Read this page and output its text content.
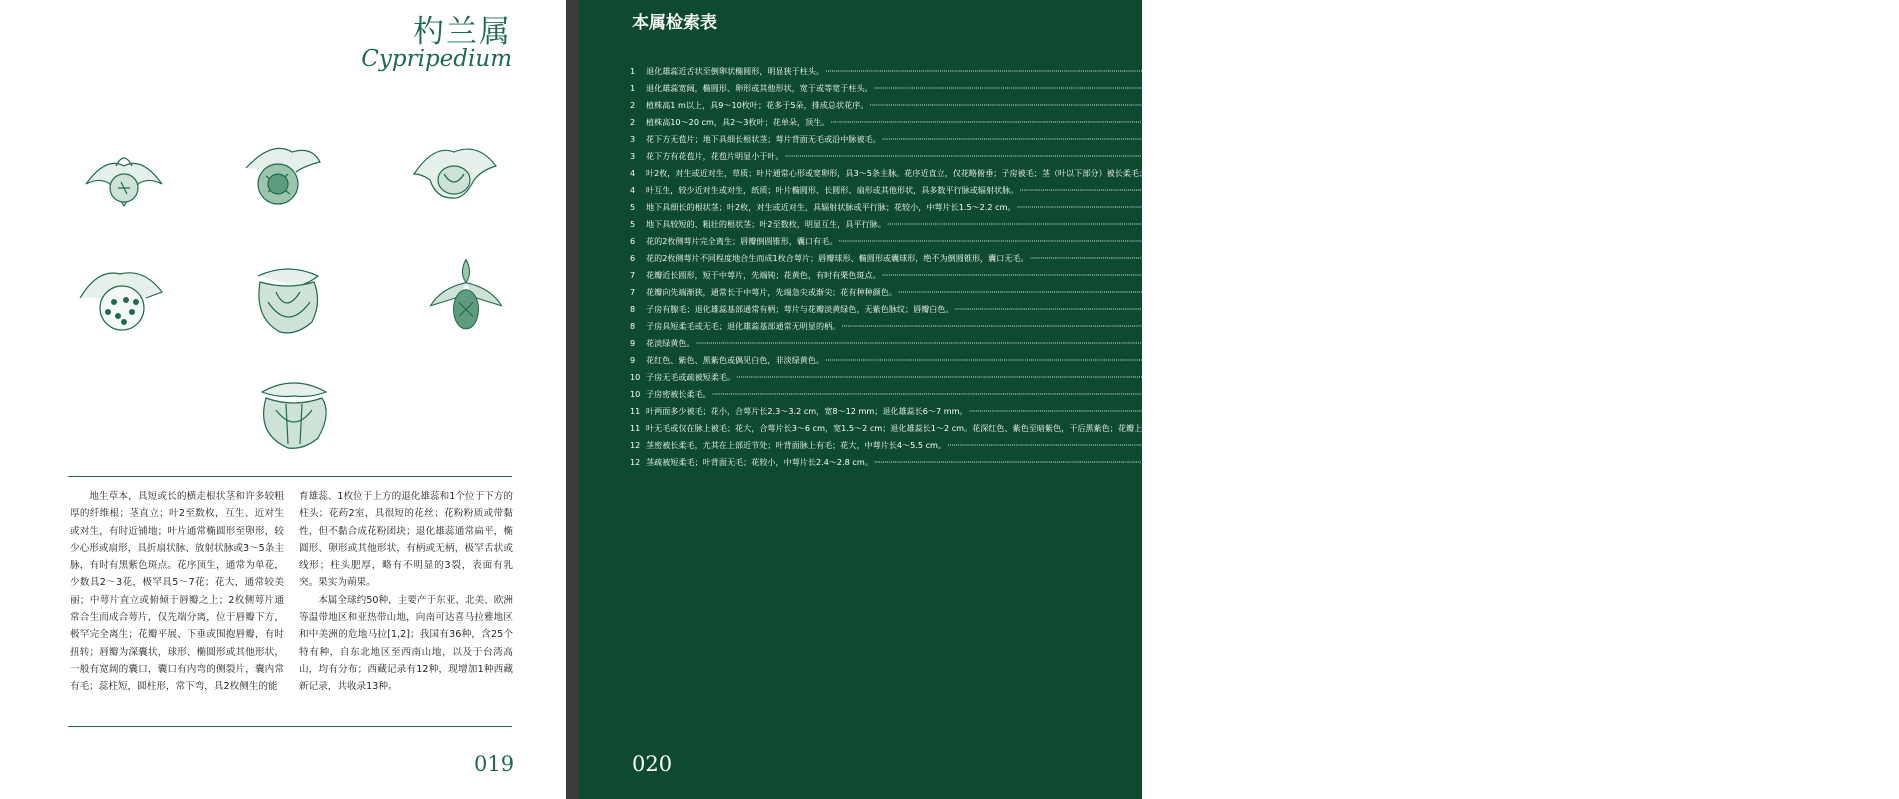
杓兰属
Cypripedium

地生草本，具短或长的横走根状茎和许多较粗厚的纤维根；茎直立；叶2至数枚，互生、近对生或对生，有时近铺地；叶片通常椭圆形至卵形，较少心形或扇形，具折扇状脉、放射状脉或3～5条主脉，有时有黑紫色斑点。花序顶生，通常为单花，少数具2～3花，极罕具5～7花；花大，通常较美丽；中萼片直立或俯倾于唇瓣之上；2枚侧萼片通常合生而成合萼片，仅先端分离，位于唇瓣下方，极罕完全离生；花瓣平展、下垂或围抱唇瓣，有时扭转；唇瓣为深囊状，球形、椭圆形或其他形状，一般有宽阔的囊口，囊口有内弯的侧裂片，囊内常有毛；蕊柱短，圆柱形，常下弯，具2枚侧生的能

育雄蕊、1枚位于上方的退化雄蕊和1个位于下方的柱头；花药2室，具很短的花丝；花粉粉质或带黏性，但不黏合成花粉团块；退化雄蕊通常扁平，椭圆形、卵形或其他形状，有柄或无柄，极罕舌状或线形；柱头肥厚，略有不明显的3裂，表面有乳突。果实为蒴果。

本属全球约50种，主要产于东亚、北美、欧洲等温带地区和亚热带山地，向南可达喜马拉雅地区和中美洲的危地马拉[1,2]；我国有36种，含25个特有种，自东北地区至西南山地，以及于台湾高山，均有分布；西藏记录有12种，现增加1种西藏新记录，共收录13种。

019
本属检索表
1	退化雄蕊近舌状至倒卵状椭圆形，明显狭于柱头。 ·····	(2)
1	退化雄蕊宽阔，椭圆形、卵形或其他形状，宽于或等宽于柱头。 ·····	(3)
2	植株高1 m以上，具9～10枚叶；花多于5朵，排成总状花序。 ·····	暖地杓兰 C. subtropicum
2	植株高10～20 cm，具2～3枚叶；花单朵，顶生。 ·····	宽口杓兰 C. wardii
3	花下方无苞片；地下具细长根状茎；萼片背面无毛或沿中脉被毛。 ·····	无苞杓兰 C. bardolphianum
3	花下方有花苞片，花苞片明显小于叶。 ·····	(4)
4	叶2枚，对生或近对生，草质；叶片通常心形或宽卵形，具3～5条主脉。花序近直立，仅花略俯垂；子房被毛；茎（叶以下部分）被长柔毛；叶具缘毛；花黄绿色，有栗色或紫红色斑纹。 ·····	雅致杓兰 C. elegans
4	叶互生，较少近对生或对生，纸质；叶片椭圆形、长圆形、扇形或其他形状，具多数平行脉或辐射状脉。 ·····	(5)
5	地下具细长的根状茎；叶2枚，对生或近对生，具辐射状脉或平行脉；花较小，中萼片长1.5～2.2 cm。 ·····	紫点杓兰 C. guttatum
5	地下具较短的、粗壮的根状茎；叶2至数枚，明显互生，具平行脉。 ·····	(6)
6	花的2枚侧萼片完全离生；唇瓣倒圆锥形，囊口有毛。 ·····	离萼杓兰 C. plectrochilum
6	花的2枚侧萼片不同程度地合生而成1枚合萼片；唇瓣球形、椭圆形或囊球形，绝不为倒圆锥形，囊口无毛。 ·····	(7)
7	花瓣近长圆形，短于中萼片，先端钝；花黄色，有时有栗色斑点。 ·····	黄花杓兰 C. flavum
7	花瓣向先端渐狭，通常长于中萼片，先端急尖或渐尖；花有种种颜色。 ·····	(8)
8	子房有腺毛；退化雄蕊基部通常有柄；萼片与花瓣淡黄绿色，无紫色脉纹；唇瓣白色。 ·····	白唇杓兰 C. cordigerum
8	子房具短柔毛或无毛；退化雄蕊基部通常无明显的柄。 ·····	(9)
9	花淡绿黄色。 ·····	波密杓兰 C. ludlowii
9	花红色、紫色、黑紫色或偶见白色，非淡绿黄色。 ·····	(10)
10 子房无毛或疏被短柔毛。 ·····	(11)
10 子房密被长柔毛。 ·····	(12)
11 叶两面多少被毛；花小，合萼片长2.3～3.2 cm，宽8～12 mm；退化雄蕊长6～7 mm。 ·····	云南杓兰 C.yunnanense
11 叶无毛或仅在脉上被毛；花大，合萼片长3～6 cm，宽1.5～2 cm；退化雄蕊长1～2 cm。花深红色、紫色至暗紫色，干后黑紫色；花瓣上的纵横纹理十分清晰；退化雄蕊背面多少有龙骨状凸起。 ·····	西藏杓兰 C. tibeticum
12 茎密被长柔毛，尤其在上部近节处；叶背面脉上有毛；花大，中萼片长4～5.5 cm。 ·····	毛杓兰 C. franchetii
12 茎疏被短柔毛；叶背面无毛；花较小，中萼片长2.4～2.8 cm。 ·····	高山杓兰 C. himalaicum
020
